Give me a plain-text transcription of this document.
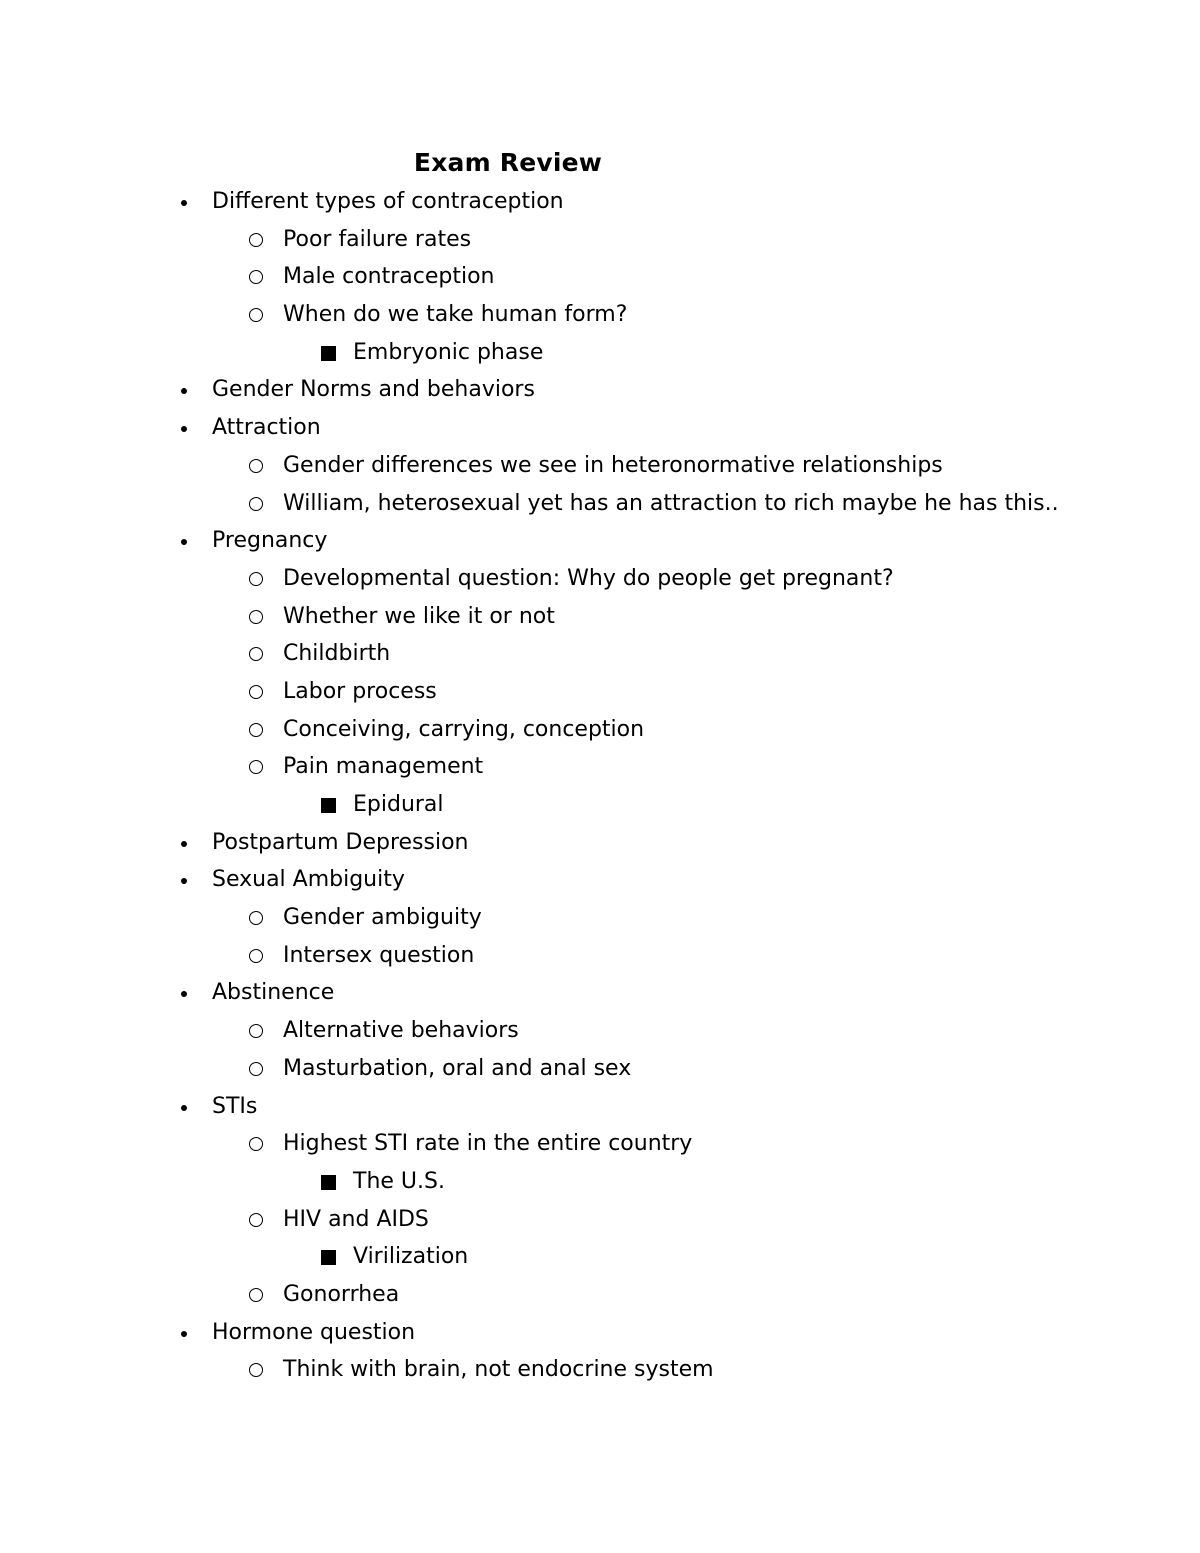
Exam Review
Different types of contraception
Poor failure rates
Male contraception
When do we take human form?
Embryonic phase
Gender Norms and behaviors
Attraction
Gender differences we see in heteronormative relationships
William, heterosexual yet has an attraction to rich maybe he has this..
Pregnancy
Developmental question: Why do people get pregnant?
Whether we like it or not
Childbirth
Labor process
Conceiving, carrying, conception
Pain management
Epidural
Postpartum Depression
Sexual Ambiguity
Gender ambiguity
Intersex question
Abstinence
Alternative behaviors
Masturbation, oral and anal sex
STIs
Highest STI rate in the entire country
The U.S.
HIV and AIDS
Virilization
Gonorrhea
Hormone question
Think with brain, not endocrine system
